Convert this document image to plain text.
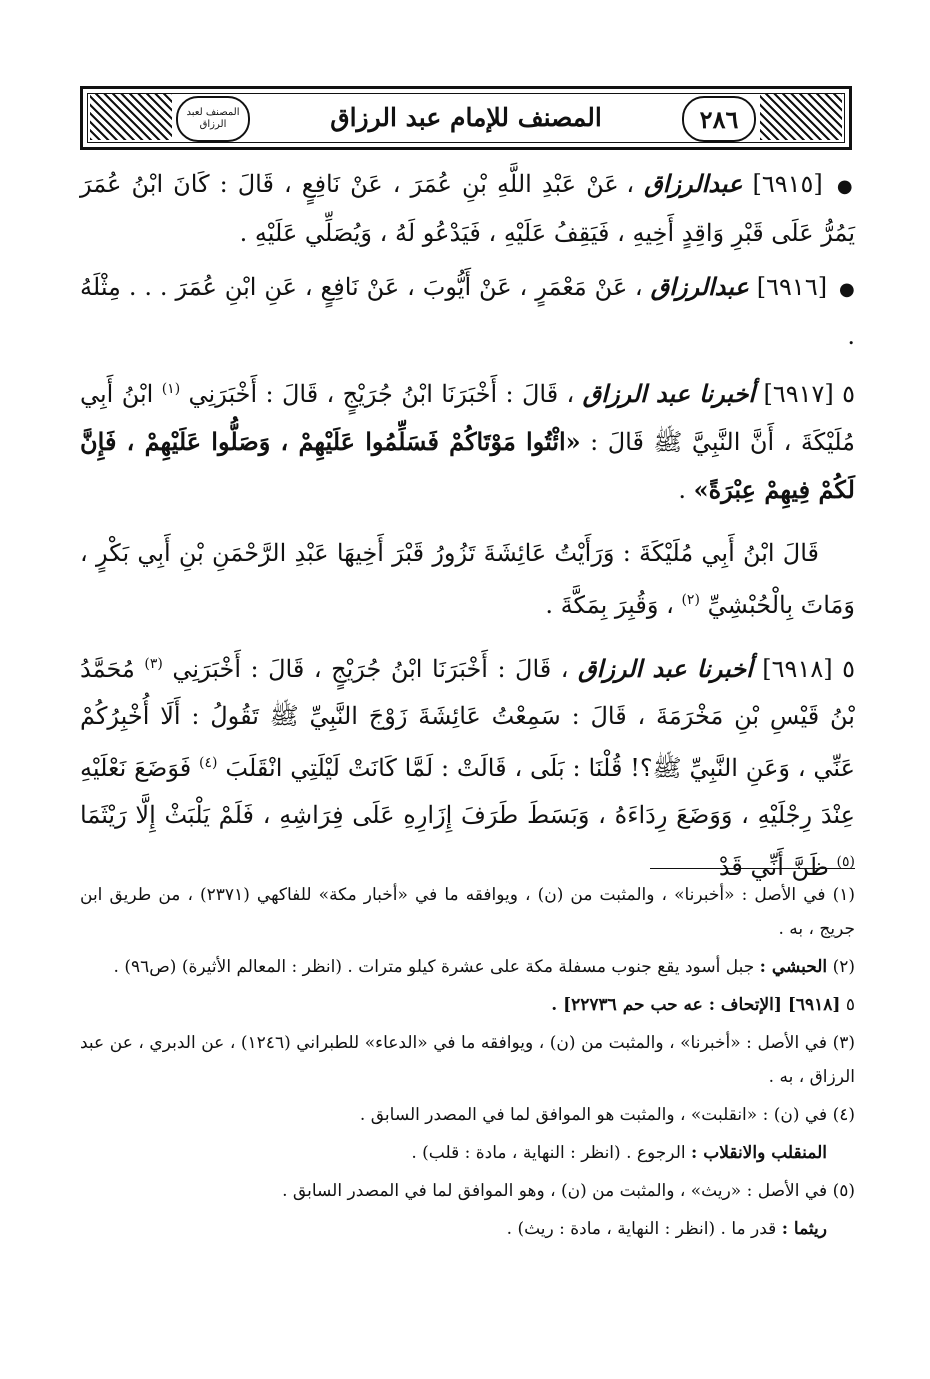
٢٨٦
المصنف لعبد الرزاق	المصنف للإمام عبد الرزاق

● [٦٩١٥] عبدالرزاق ، عَنْ عَبْدِ اللَّهِ بْنِ عُمَرَ ، عَنْ نَافِعٍ ، قَالَ : كَانَ ابْنُ عُمَرَ يَمُرُّ عَلَى قَبْرِ وَاقِدٍ أَخِيهِ ، فَيَقِفُ عَلَيْهِ ، فَيَدْعُو لَهُ ، وَيُصَلِّي عَلَيْهِ .

● [٦٩١٦] عبدالرزاق ، عَنْ مَعْمَرٍ ، عَنْ أَيُّوبَ ، عَنْ نَافِعٍ ، عَنِ ابْنِ عُمَرَ . . . مِثْلَهُ .

٥ [٦٩١٧] أخبرنا عبد الرزاق ، قَالَ : أَخْبَرَنَا ابْنُ جُرَيْجٍ ، قَالَ : أَخْبَرَنِي $^{(١)}$ ابْنُ أَبِي مُلَيْكَةَ ، أَنَّ النَّبِيَّ ﷺ قَالَ : «ائْتُوا مَوْتَاكُمْ فَسَلِّمُوا عَلَيْهِمْ ، وَصَلُّوا عَلَيْهِمْ ، فَإِنَّ لَكُمْ فِيهِمْ عِبْرَةً» .

قَالَ ابْنُ أَبِي مُلَيْكَةَ : وَرَأَيْتُ عَائِشَةَ تَزُورُ قَبْرَ أَخِيهَا عَبْدِ الرَّحْمَنِ بْنِ أَبِي بَكْرٍ ، وَمَاتَ بِالْحُبْشِيِّ $^{(٢)}$ ، وَقُبِرَ بِمَكَّةَ .

٥ [٦٩١٨] أخبرنا عبد الرزاق ، قَالَ : أَخْبَرَنَا ابْنُ جُرَيْجٍ ، قَالَ : أَخْبَرَنِي $^{(٣)}$ مُحَمَّدُ بْنُ قَيْسِ بْنِ مَخْرَمَةَ ، قَالَ : سَمِعْتُ عَائِشَةَ زَوْجَ النَّبِيِّ ﷺ تَقُولُ : أَلَا أُخْبِرُكُمْ عَنِّي ، وَعَنِ النَّبِيِّ ﷺ؟! قُلْنَا : بَلَى ، قَالَتْ : لَمَّا كَانَتْ لَيْلَتِي انْقَلَبَ $^{(٤)}$ فَوَضَعَ نَعْلَيْهِ عِنْدَ رِجْلَيْهِ ، وَوَضَعَ رِدَاءَهُ ، وَبَسَطَ طَرَفَ إِزَارِهِ عَلَى فِرَاشِهِ ، فَلَمْ يَلْبَثْ إِلَّا رَيْثَمَا $^{(٥)}$ ظَنَّ أَنِّي قَدْ

(١) في الأصل : «أخبرنا» ، والمثبت من (ن) ، ويوافقه ما في «أخبار مكة» للفاكهي (٢٣٧١) ، من طريق ابن جريج ، به .

(٢) الحبشي : جبل أسود يقع جنوب مسفلة مكة على عشرة كيلو مترات . (انظر : المعالم الأثيرة) (ص٩٦) .

٥ [٦٩١٨] [الإتحاف : عه حب حم ٢٢٧٣٦] .

(٣) في الأصل : «أخبرنا» ، والمثبت من (ن) ، ويوافقه ما في «الدعاء» للطبراني (١٢٤٦) ، عن الدبري ، عن عبد الرزاق ، به .

(٤) في (ن) : «انقلبت» ، والمثبت هو الموافق لما في المصدر السابق .

المنقلب والانقلاب : الرجوع . (انظر : النهاية ، مادة : قلب) .

(٥) في الأصل : «ريث» ، والمثبت من (ن) ، وهو الموافق لما في المصدر السابق .

ريثما : قدر ما . (انظر : النهاية ، مادة : ريث) .
